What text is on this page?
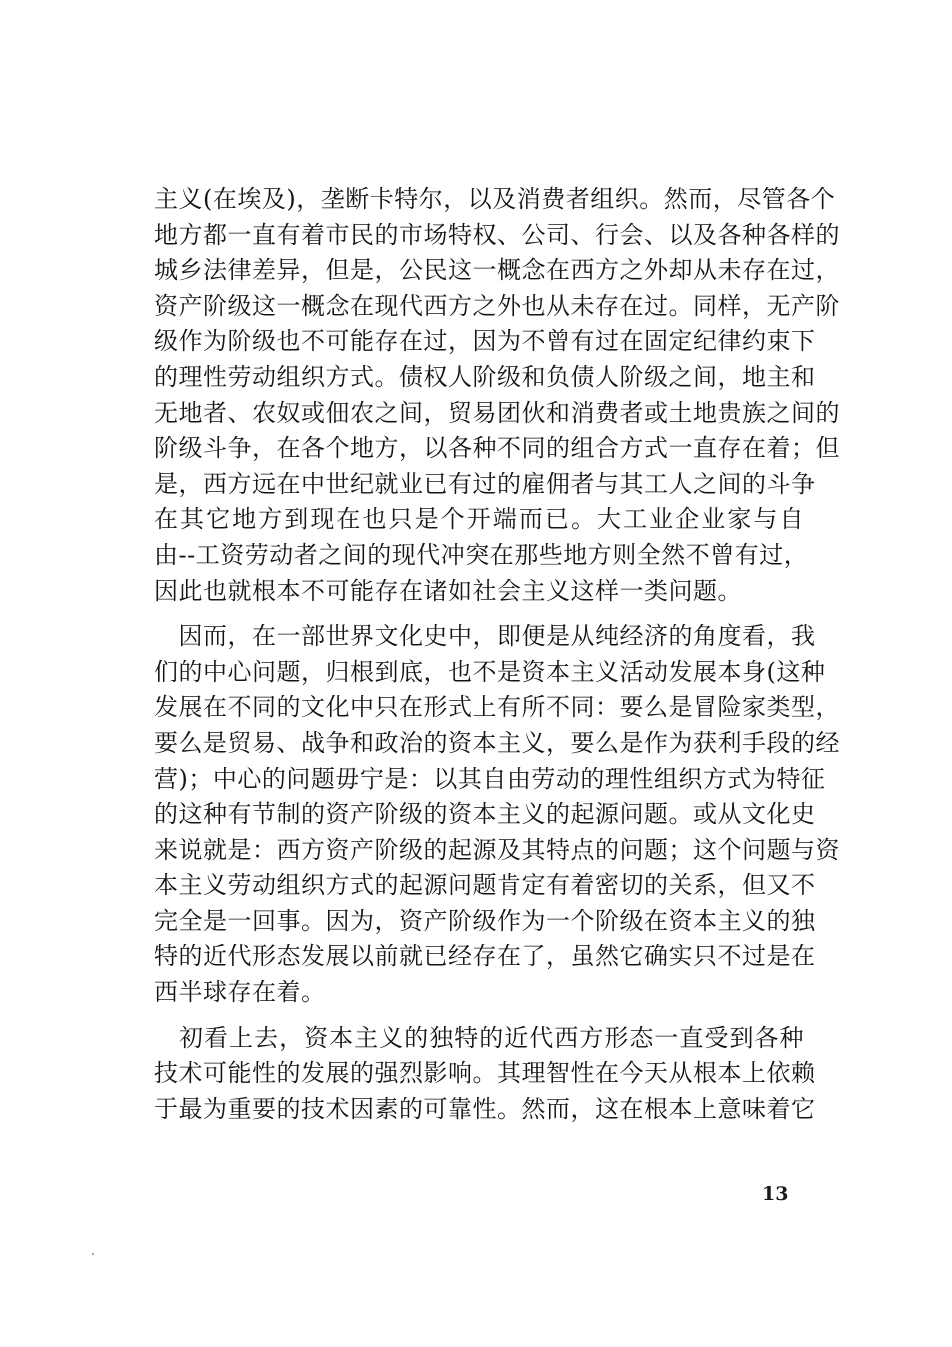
主义(在埃及)，垄断卡特尔，以及消费者组织。然而，尽管各个
地方都一直有着市民的市场特权、公司、行会、以及各种各样的
城乡法律差异，但是，公民这一概念在西方之外却从未存在过，
资产阶级这一概念在现代西方之外也从未存在过。同样，无产阶
级作为阶级也不可能存在过，因为不曾有过在固定纪律约束下
的理性劳动组织方式。债权人阶级和负债人阶级之间，地主和
无地者、农奴或佃农之间，贸易团伙和消费者或土地贵族之间的
阶级斗争，在各个地方，以各种不同的组合方式一直存在着；但
是，西方远在中世纪就业已有过的雇佣者与其工人之间的斗争
在其它地方到现在也只是个开端而已。大工业企业家与自
由--工资劳动者之间的现代冲突在那些地方则全然不曾有过，
因此也就根本不可能存在诸如社会主义这样一类问题。
　因而，在一部世界文化史中，即便是从纯经济的角度看，我
们的中心问题，归根到底，也不是资本主义活动发展本身(这种
发展在不同的文化中只在形式上有所不同：要么是冒险家类型，
要么是贸易、战争和政治的资本主义，要么是作为获利手段的经
营)；中心的问题毋宁是：以其自由劳动的理性组织方式为特征
的这种有节制的资产阶级的资本主义的起源问题。或从文化史
来说就是：西方资产阶级的起源及其特点的问题；这个问题与资
本主义劳动组织方式的起源问题肯定有着密切的关系，但又不
完全是一回事。因为，资产阶级作为一个阶级在资本主义的独
特的近代形态发展以前就已经存在了，虽然它确实只不过是在
西半球存在着。
　初看上去，资本主义的独特的近代西方形态一直受到各种
技术可能性的发展的强烈影响。其理智性在今天从根本上依赖
于最为重要的技术因素的可靠性。然而，这在根本上意味着它
13
